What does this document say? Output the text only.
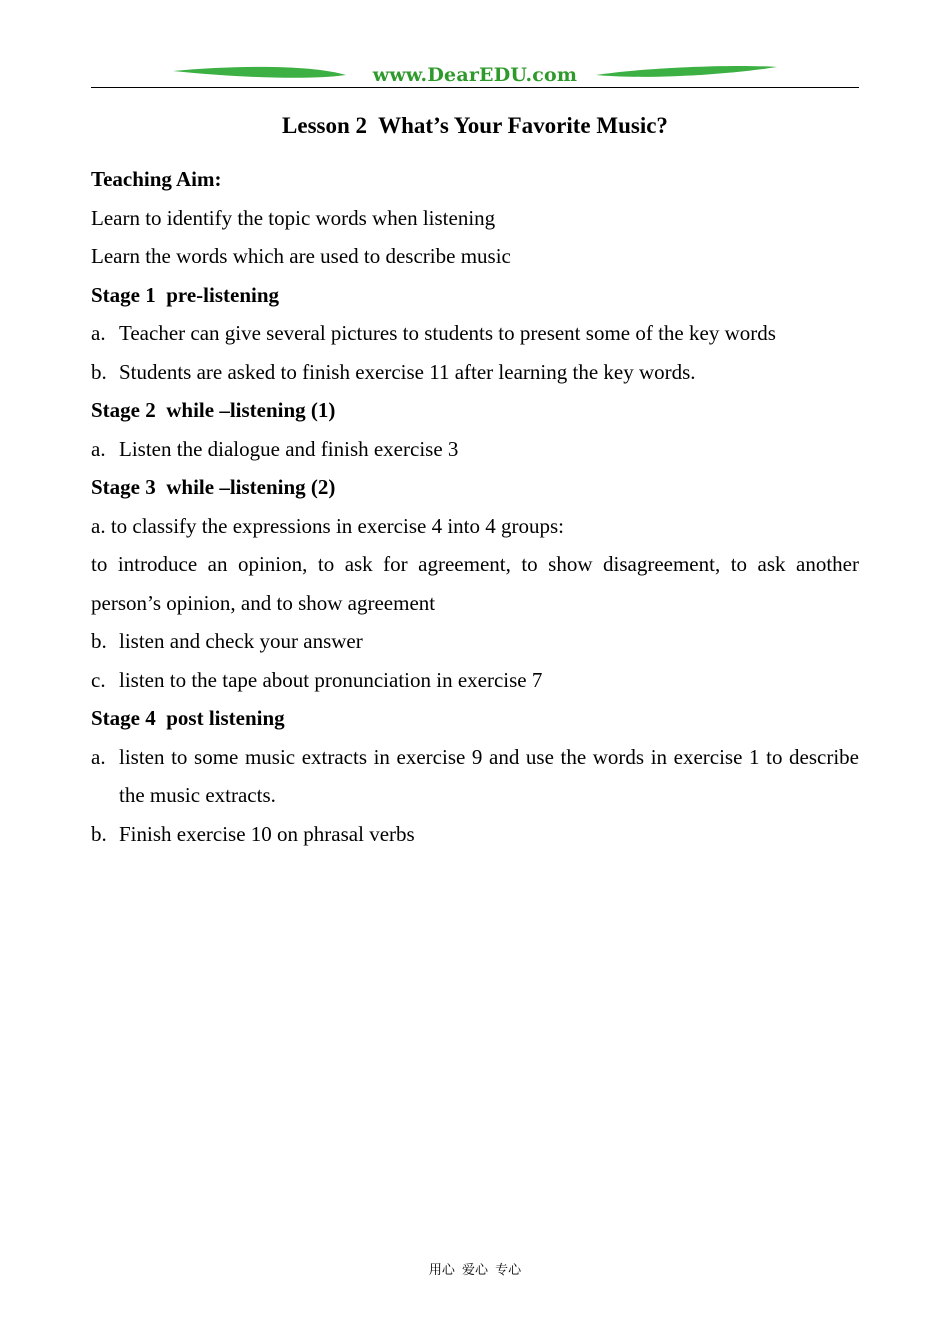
www.DearEDU.com
Lesson 2  What’s Your Favorite Music?
Teaching Aim:
Learn to identify the topic words when listening
Learn the words which are used to describe music
Stage 1  pre-listening
a. Teacher can give several pictures to students to present some of the key words
b. Students are asked to finish exercise 11 after learning the key words.
Stage 2  while –listening (1)
a. Listen the dialogue and finish exercise 3
Stage 3  while –listening (2)
a. to classify the expressions in exercise 4 into 4 groups:
to introduce an opinion, to ask for agreement, to show disagreement, to ask another person’s opinion, and to show agreement
b. listen and check your answer
c. listen to the tape about pronunciation in exercise 7
Stage 4  post listening
a. listen to some music extracts in exercise 9 and use the words in exercise 1 to describe the music extracts.
b. Finish exercise 10 on phrasal verbs
用心 爱心 专心
